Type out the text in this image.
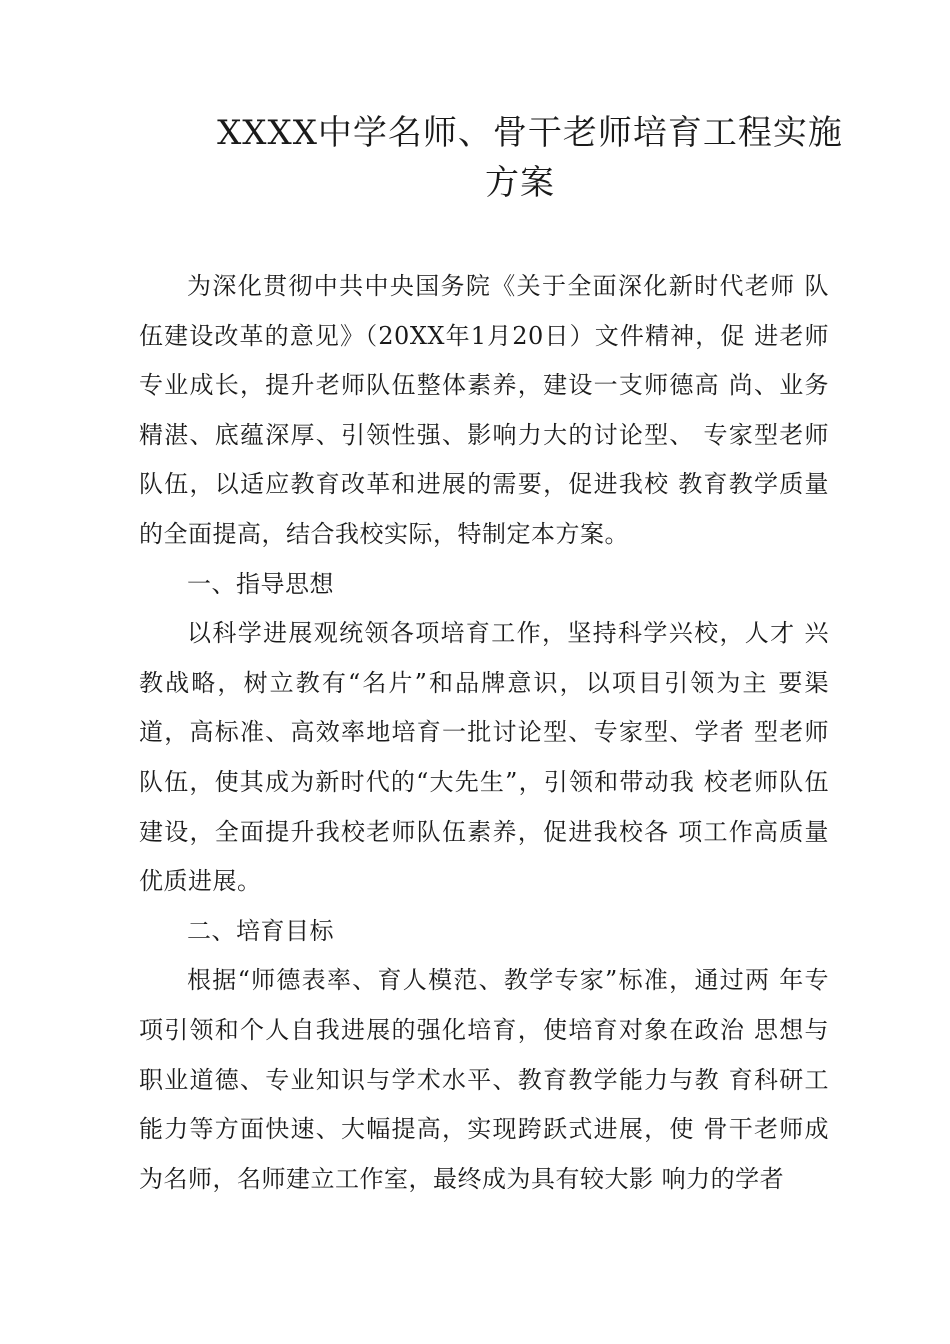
XXXX中学名师、骨干老师培育工程实施
方案

为深化贯彻中共中央国务院《关于全面深化新时代老师 队伍建设改革的意见》（20XX年1月20日）文件精神，促 进老师专业成长，提升老师队伍整体素养，建设一支师德高 尚、业务精湛、底蕴深厚、引领性强、影响力大的讨论型、 专家型老师队伍，以适应教育改革和进展的需要，促进我校 教育教学质量的全面提高，结合我校实际，特制定本方案。

一、指导思想

以科学进展观统领各项培育工作，坚持科学兴校，人才 兴教战略，树立教有“名片”和品牌意识，以项目引领为主 要渠道，高标准、高效率地培育一批讨论型、专家型、学者 型老师队伍，使其成为新时代的“大先生”，引领和带动我 校老师队伍建设，全面提升我校老师队伍素养，促进我校各 项工作高质量优质进展。

二、培育目标

根据“师德表率、育人模范、教学专家”标准，通过两 年专项引领和个人自我进展的强化培育，使培育对象在政治 思想与职业道德、专业知识与学术水平、教育教学能力与教 育科研工能力等方面快速、大幅提高，实现跨跃式进展，使 骨干老师成为名师，名师建立工作室，最终成为具有较大影 响力的学者
